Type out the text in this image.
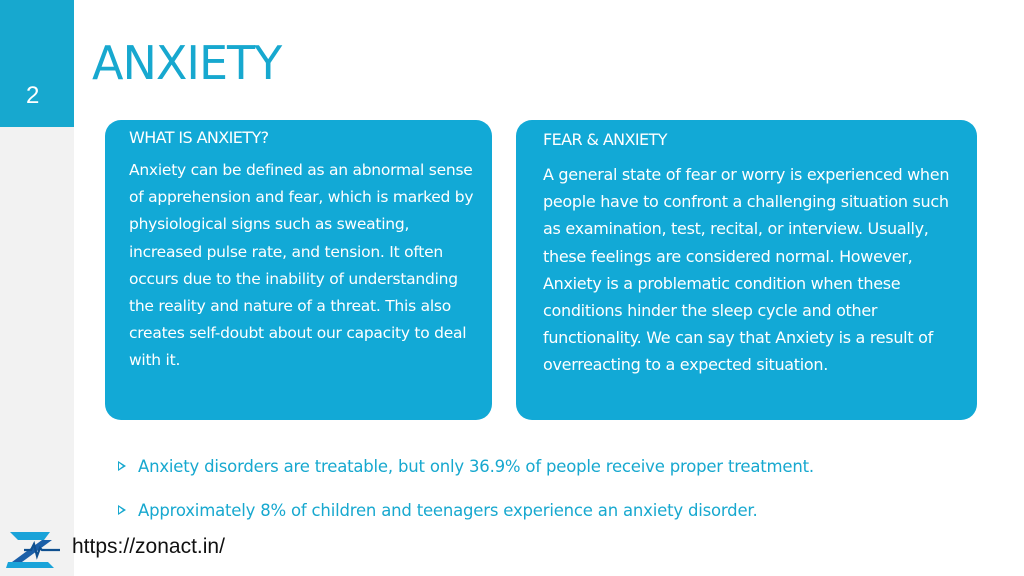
2
ANXIETY
WHAT IS ANXIETY?

Anxiety can be defined as an abnormal sense of apprehension and fear, which is marked by physiological signs such as sweating, increased pulse rate, and tension. It often occurs due to the inability of understanding the reality and nature of a threat. This also creates self-doubt about our capacity to deal with it.

FEAR & ANXIETY

A general state of fear or worry is experienced when people have to confront a challenging situation such as examination, test, recital, or interview. Usually, these feelings are considered normal. However, Anxiety is a problematic condition when these conditions hinder the sleep cycle and other functionality. We can say that Anxiety is a result of overreacting to a expected situation.

Anxiety disorders are treatable, but only 36.9% of people receive proper treatment.
Approximately 8% of children and teenagers experience an anxiety disorder.
https://zonact.in/
